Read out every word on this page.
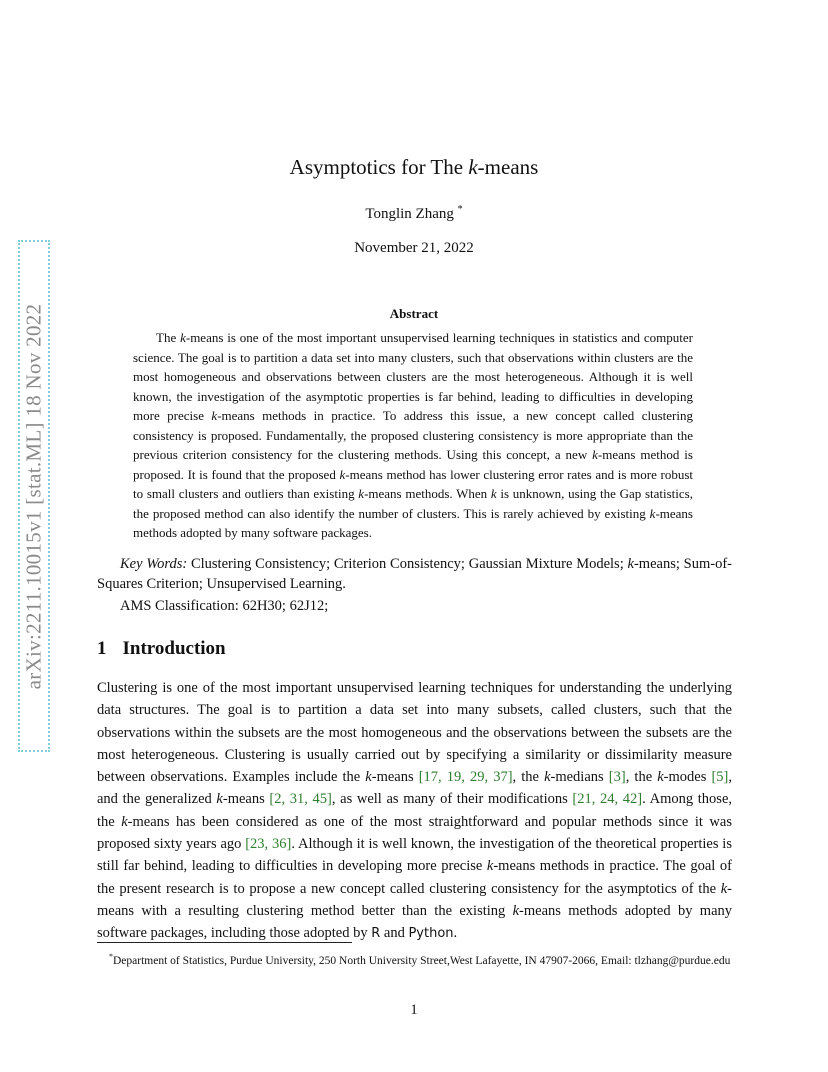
arXiv:2211.10015v1 [stat.ML] 18 Nov 2022
Asymptotics for The k-means
Tonglin Zhang *
November 21, 2022
Abstract

The k-means is one of the most important unsupervised learning techniques in statistics and computer science. The goal is to partition a data set into many clusters, such that observations within clusters are the most homogeneous and observations between clusters are the most heterogeneous. Although it is well known, the investigation of the asymptotic properties is far behind, leading to difficulties in developing more precise k-means methods in practice. To address this issue, a new concept called clustering consistency is proposed. Fundamentally, the proposed clustering consistency is more appropriate than the previous criterion consistency for the clustering methods. Using this concept, a new k-means method is proposed. It is found that the proposed k-means method has lower clustering error rates and is more robust to small clusters and outliers than existing k-means methods. When k is unknown, using the Gap statistics, the proposed method can also identify the number of clusters. This is rarely achieved by existing k-means methods adopted by many software packages.

Key Words: Clustering Consistency; Criterion Consistency; Gaussian Mixture Models; k-means; Sum-of-Squares Criterion; Unsupervised Learning.

AMS Classification: 62H30; 62J12;
1 Introduction

Clustering is one of the most important unsupervised learning techniques for understanding the underlying data structures. The goal is to partition a data set into many subsets, called clusters, such that the observations within the subsets are the most homogeneous and the observations between the subsets are the most heterogeneous. Clustering is usually carried out by specifying a similarity or dissimilarity measure between observations. Examples include the k-means [17, 19, 29, 37], the k-medians [3], the k-modes [5], and the generalized k-means [2, 31, 45], as well as many of their modifications [21, 24, 42]. Among those, the k-means has been considered as one of the most straightforward and popular methods since it was proposed sixty years ago [23, 36]. Although it is well known, the investigation of the theoretical properties is still far behind, leading to difficulties in developing more precise k-means methods in practice. The goal of the present research is to propose a new concept called clustering consistency for the asymptotics of the k-means with a resulting clustering method better than the existing k-means methods adopted by many software packages, including those adopted by R and Python.

*Department of Statistics, Purdue University, 250 North University Street,West Lafayette, IN 47907-2066, Email: tlzhang@purdue.edu

1
